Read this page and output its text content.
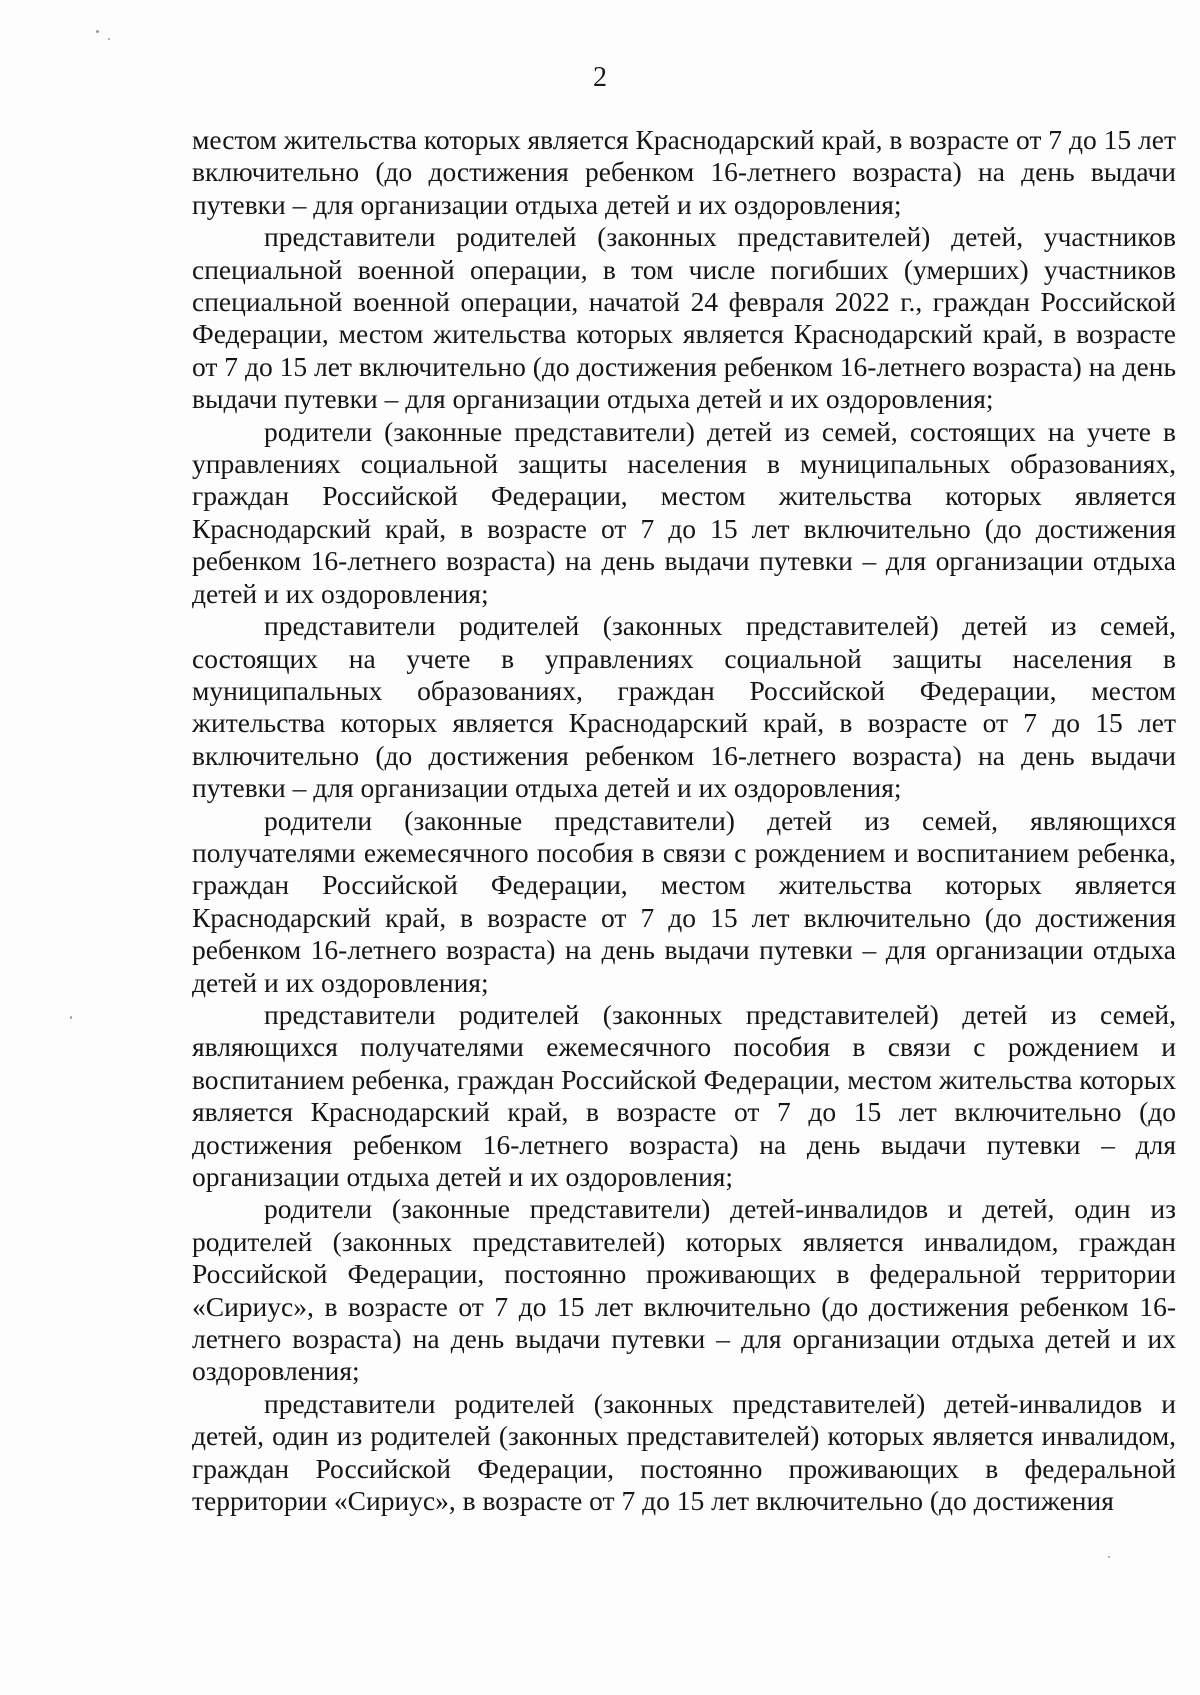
2

местом жительства которых является Краснодарский край, в возрасте от 7 до 15 лет включительно (до достижения ребенком 16-летнего возраста) на день выдачи путевки – для организации отдыха детей и их оздоровления;

представители родителей (законных представителей) детей, участников специальной военной операции, в том числе погибших (умерших) участников специальной военной операции, начатой 24 февраля 2022 г., граждан Российской Федерации, местом жительства которых является Краснодарский край, в возрасте от 7 до 15 лет включительно (до достижения ребенком 16-летнего возраста) на день выдачи путевки – для организации отдыха детей и их оздоровления;

родители (законные представители) детей из семей, состоящих на учете в управлениях социальной защиты населения в муниципальных образованиях, граждан Российской Федерации, местом жительства которых является Краснодарский край, в возрасте от 7 до 15 лет включительно (до достижения ребенком 16-летнего возраста) на день выдачи путевки – для организации отдыха детей и их оздоровления;

представители родителей (законных представителей) детей из семей, состоящих на учете в управлениях социальной защиты населения в муниципальных образованиях, граждан Российской Федерации, местом жительства которых является Краснодарский край, в возрасте от 7 до 15 лет включительно (до достижения ребенком 16-летнего возраста) на день выдачи путевки – для организации отдыха детей и их оздоровления;

родители (законные представители) детей из семей, являющихся получателями ежемесячного пособия в связи с рождением и воспитанием ребенка, граждан Российской Федерации, местом жительства которых является Краснодарский край, в возрасте от 7 до 15 лет включительно (до достижения ребенком 16-летнего возраста) на день выдачи путевки – для организации отдыха детей и их оздоровления;

представители родителей (законных представителей) детей из семей, являющихся получателями ежемесячного пособия в связи с рождением и воспитанием ребенка, граждан Российской Федерации, местом жительства которых является Краснодарский край, в возрасте от 7 до 15 лет включительно (до достижения ребенком 16-летнего возраста) на день выдачи путевки – для организации отдыха детей и их оздоровления;

родители (законные представители) детей-инвалидов и детей, один из родителей (законных представителей) которых является инвалидом, граждан Российской Федерации, постоянно проживающих в федеральной территории «Сириус», в возрасте от 7 до 15 лет включительно (до достижения ребенком 16-летнего возраста) на день выдачи путевки – для организации отдыха детей и их оздоровления;

представители родителей (законных представителей) детей-инвалидов и детей, один из родителей (законных представителей) которых является инвалидом, граждан Российской Федерации, постоянно проживающих в федеральной территории «Сириус», в возрасте от 7 до 15 лет включительно (до достижения
